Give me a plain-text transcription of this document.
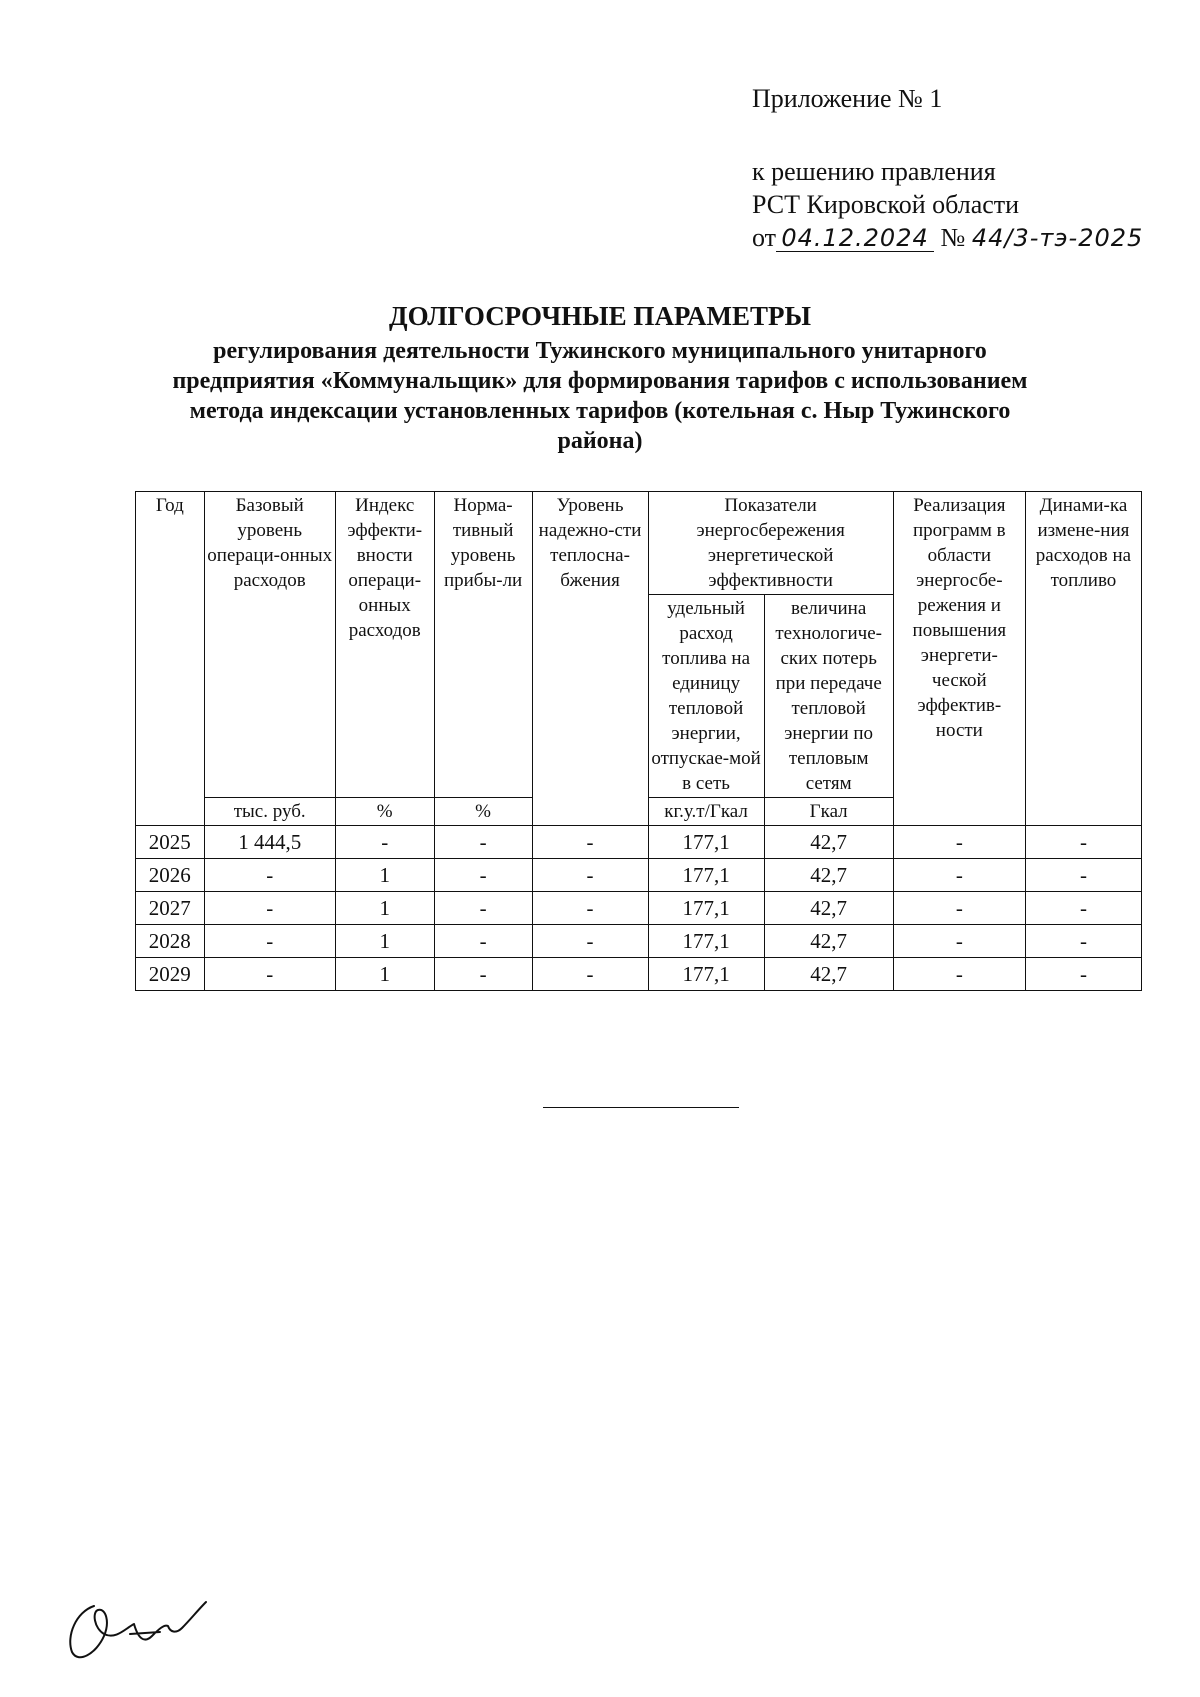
Приложение № 1
к решению правления
РСТ Кировской области
от 04.12.2024 № 44/3-тэ-2025
ДОЛГОСРОЧНЫЕ ПАРАМЕТРЫ
регулирования деятельности Тужинского муниципального унитарного предприятия «Коммунальщик» для формирования тарифов с использованием метода индексации установленных тарифов (котельная с. Ныр Тужинского района)
Год	Базовый уровень операци-онных расходов	Индекс эффекти-вности операци-онных расходов	Норма-тивный уровень прибы-ли	Уровень надежно-сти теплосна-бжения	Показатели энергосбережения энергетической эффективности		Реализация программ в области энергосбе-режения и повышения энергети-ческой эффектив-ности	Динами-ка измене-ния расходов на топливо
					удельный расход топлива на единицу тепловой энергии, отпускае-мой в сеть	величина технологиче-ских потерь при передаче тепловой энергии по тепловым сетям		
	тыс. руб.	%	%		кг.у.т/Гкал	Гкал		
2025	1 444,5	-	-	-	177,1	42,7	-	-
2026	-	1	-	-	177,1	42,7	-	-
2027	-	1	-	-	177,1	42,7	-	-
2028	-	1	-	-	177,1	42,7	-	-
2029	-	1	-	-	177,1	42,7	-	-
